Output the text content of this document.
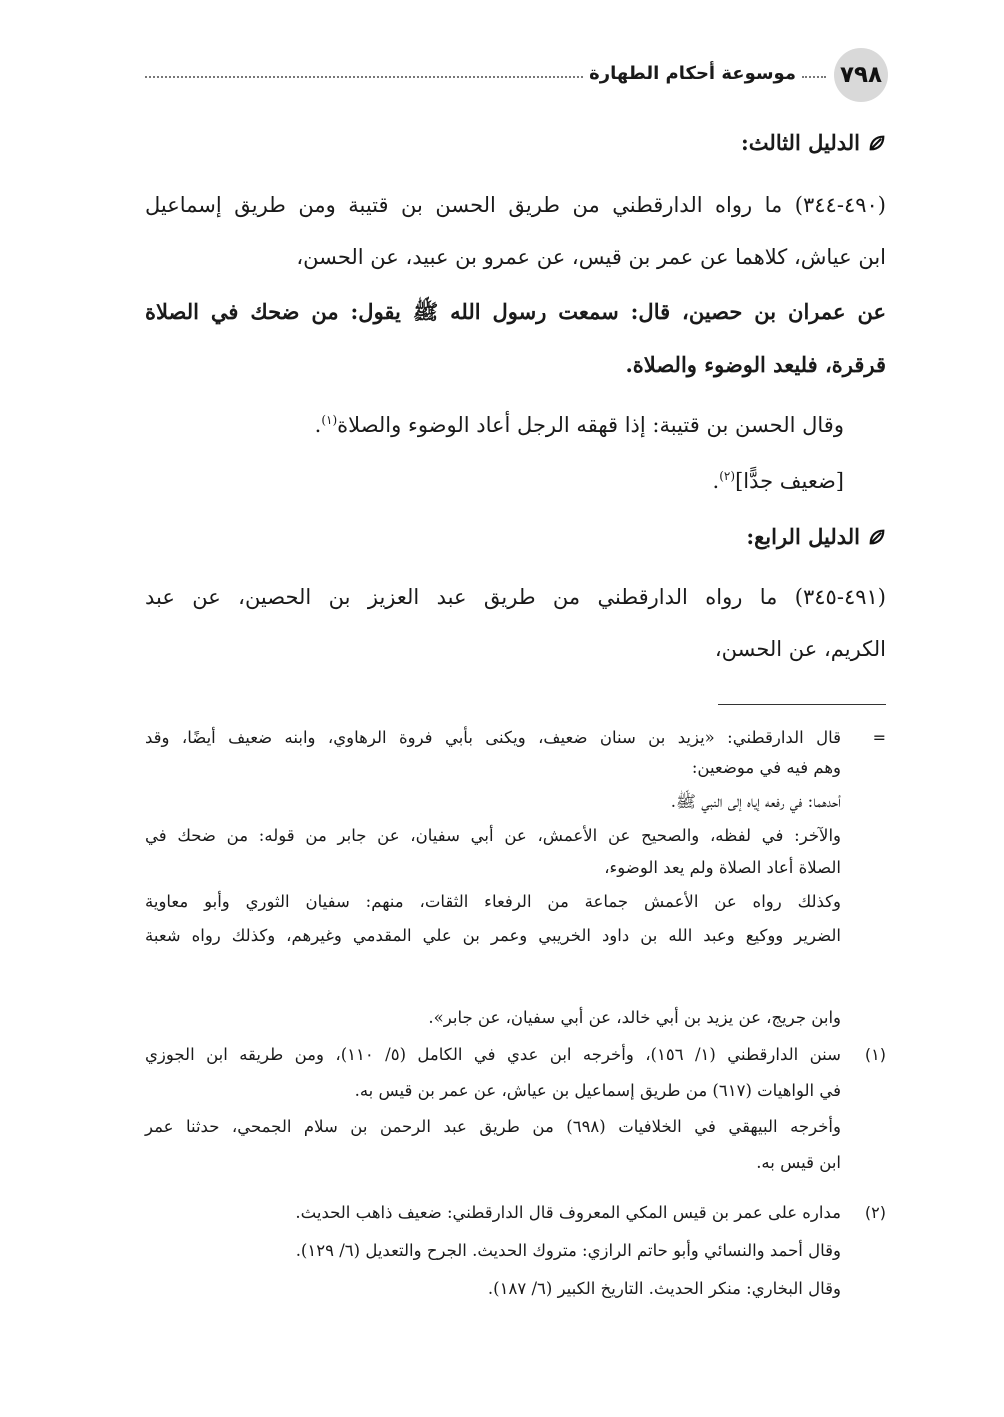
٧٩٨
موسوعة أحكام الطهارة
الدليل الثالث:
(٤٩٠-٣٤٤) ما رواه الدارقطني من طريق الحسن بن قتيبة ومن طريق إسماعيل
ابن عياش، كلاهما عن عمر بن قيس، عن عمرو بن عبيد، عن الحسن،
عن عمران بن حصين، قال: سمعت رسول الله ﷺ يقول: من ضحك في الصلاة
قرقرة، فليعد الوضوء والصلاة.
وقال الحسن بن قتيبة: إذا قهقه الرجل أعاد الوضوء والصلاة$^{(١)}$.
[ضعيف جدًّا]$^{(٢)}$.
الدليل الرابع:
(٤٩١-٣٤٥) ما رواه الدارقطني من طريق عبد العزيز بن الحصين، عن عبد
الكريم، عن الحسن،
=
قال الدارقطني: «يزيد بن سنان ضعيف، ويكنى بأبي فروة الرهاوي، وابنه ضعيف أيضًا، وقد
وهم فيه في موضعين:
أحدهما: في رفعه إياه إلى النبي ﷺ.
والآخر: في لفظه، والصحيح عن الأعمش، عن أبي سفيان، عن جابر من قوله: من ضحك في
الصلاة أعاد الصلاة ولم يعد الوضوء،
وكذلك رواه عن الأعمش جماعة من الرفعاء الثقات، منهم: سفيان الثوري وأبو معاوية
الضرير ووكيع وعبد الله بن داود الخريبي وعمر بن علي المقدمي وغيرهم، وكذلك رواه شعبة
وابن جريج، عن يزيد بن أبي خالد، عن أبي سفيان، عن جابر».
(١)
سنن الدارقطني (١/ ١٥٦)، وأخرجه ابن عدي في الكامل (٥/ ١١٠)، ومن طريقه ابن الجوزي
في الواهيات (٦١٧) من طريق إسماعيل بن عياش، عن عمر بن قيس به.
وأخرجه البيهقي في الخلافيات (٦٩٨) من طريق عبد الرحمن بن سلام الجمحي، حدثنا عمر
ابن قيس به.
(٢)
مداره على عمر بن قيس المكي المعروف قال الدارقطني: ضعيف ذاهب الحديث.
وقال أحمد والنسائي وأبو حاتم الرازي: متروك الحديث. الجرح والتعديل (٦/ ١٢٩).
وقال البخاري: منكر الحديث. التاريخ الكبير (٦/ ١٨٧).
